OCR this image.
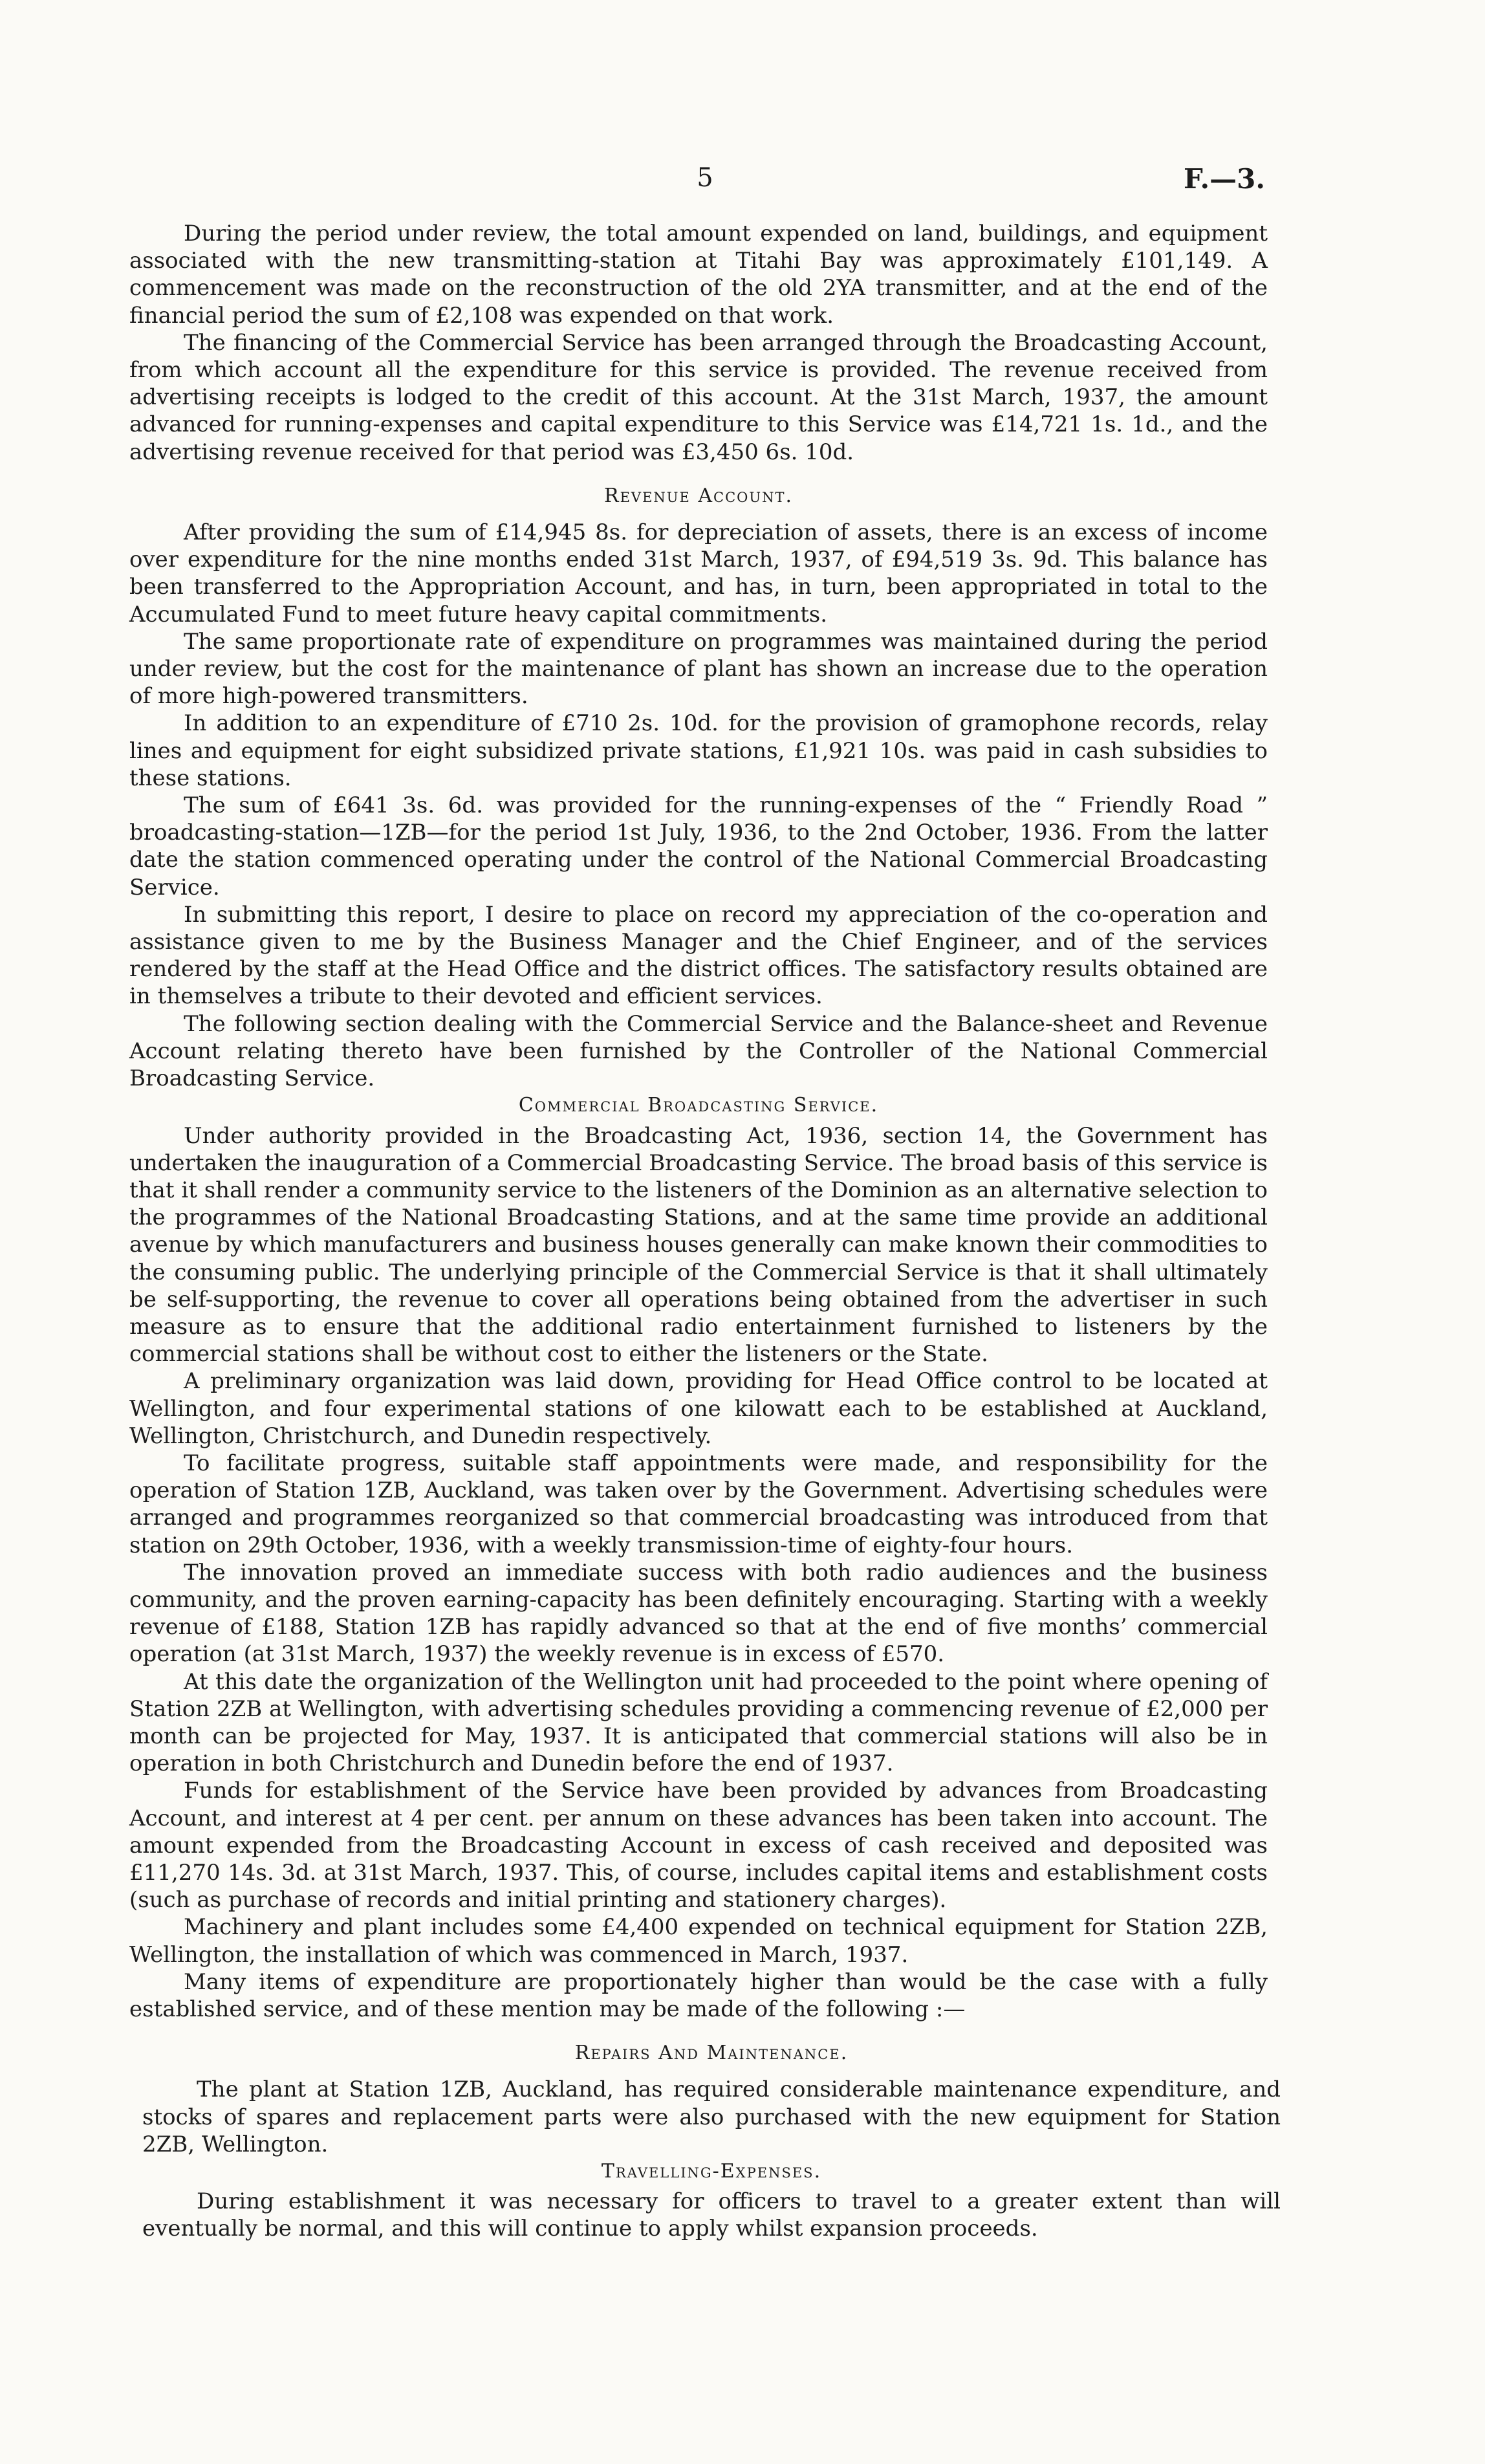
5	F.—3.

During the period under review, the total amount expended on land, buildings, and equipment associated with the new transmitting-station at Titahi Bay was approximately £101,149. A commencement was made on the reconstruction of the old 2YA transmitter, and at the end of the financial period the sum of £2,108 was expended on that work.

The financing of the Commercial Service has been arranged through the Broadcasting Account, from which account all the expenditure for this service is provided. The revenue received from advertising receipts is lodged to the credit of this account. At the 31st March, 1937, the amount advanced for running-expenses and capital expenditure to this Service was £14,721 1s. 1d., and the advertising revenue received for that period was £3,450 6s. 10d.

Revenue Account.

After providing the sum of £14,945 8s. for depreciation of assets, there is an excess of income over expenditure for the nine months ended 31st March, 1937, of £94,519 3s. 9d. This balance has been transferred to the Appropriation Account, and has, in turn, been appropriated in total to the Accumulated Fund to meet future heavy capital commitments.

The same proportionate rate of expenditure on programmes was maintained during the period under review, but the cost for the maintenance of plant has shown an increase due to the operation of more high-powered transmitters.

In addition to an expenditure of £710 2s. 10d. for the provision of gramophone records, relay lines and equipment for eight subsidized private stations, £1,921 10s. was paid in cash subsidies to these stations.

The sum of £641 3s. 6d. was provided for the running-expenses of the “ Friendly Road ” broadcasting-station—1ZB—for the period 1st July, 1936, to the 2nd October, 1936. From the latter date the station commenced operating under the control of the National Commercial Broadcasting Service.

In submitting this report, I desire to place on record my appreciation of the co-operation and assistance given to me by the Business Manager and the Chief Engineer, and of the services rendered by the staff at the Head Office and the district offices. The satisfactory results obtained are in themselves a tribute to their devoted and efficient services.

The following section dealing with the Commercial Service and the Balance-sheet and Revenue Account relating thereto have been furnished by the Controller of the National Commercial Broadcasting Service.

Commercial Broadcasting Service.

Under authority provided in the Broadcasting Act, 1936, section 14, the Government has undertaken the inauguration of a Commercial Broadcasting Service. The broad basis of this service is that it shall render a community service to the listeners of the Dominion as an alternative selection to the programmes of the National Broadcasting Stations, and at the same time provide an additional avenue by which manufacturers and business houses generally can make known their commodities to the consuming public. The underlying principle of the Commercial Service is that it shall ultimately be self-supporting, the revenue to cover all operations being obtained from the advertiser in such measure as to ensure that the additional radio entertainment furnished to listeners by the commercial stations shall be without cost to either the listeners or the State.

A preliminary organization was laid down, providing for Head Office control to be located at Wellington, and four experimental stations of one kilowatt each to be established at Auckland, Wellington, Christchurch, and Dunedin respectively.

To facilitate progress, suitable staff appointments were made, and responsibility for the operation of Station 1ZB, Auckland, was taken over by the Government. Advertising schedules were arranged and programmes reorganized so that commercial broadcasting was introduced from that station on 29th October, 1936, with a weekly transmission-time of eighty-four hours.

The innovation proved an immediate success with both radio audiences and the business community, and the proven earning-capacity has been definitely encouraging. Starting with a weekly revenue of £188, Station 1ZB has rapidly advanced so that at the end of five months’ commercial operation (at 31st March, 1937) the weekly revenue is in excess of £570.

At this date the organization of the Wellington unit had proceeded to the point where opening of Station 2ZB at Wellington, with advertising schedules providing a commencing revenue of £2,000 per month can be projected for May, 1937. It is anticipated that commercial stations will also be in operation in both Christchurch and Dunedin before the end of 1937.

Funds for establishment of the Service have been provided by advances from Broadcasting Account, and interest at 4 per cent. per annum on these advances has been taken into account. The amount expended from the Broadcasting Account in excess of cash received and deposited was £11,270 14s. 3d. at 31st March, 1937. This, of course, includes capital items and establishment costs (such as purchase of records and initial printing and stationery charges).

Machinery and plant includes some £4,400 expended on technical equipment for Station 2ZB, Wellington, the installation of which was commenced in March, 1937.

Many items of expenditure are proportionately higher than would be the case with a fully established service, and of these mention may be made of the following :—

Repairs And Maintenance.

The plant at Station 1ZB, Auckland, has required considerable maintenance expenditure, and stocks of spares and replacement parts were also purchased with the new equipment for Station 2ZB, Wellington.

Travelling-Expenses.

During establishment it was necessary for officers to travel to a greater extent than will eventually be normal, and this will continue to apply whilst expansion proceeds.
